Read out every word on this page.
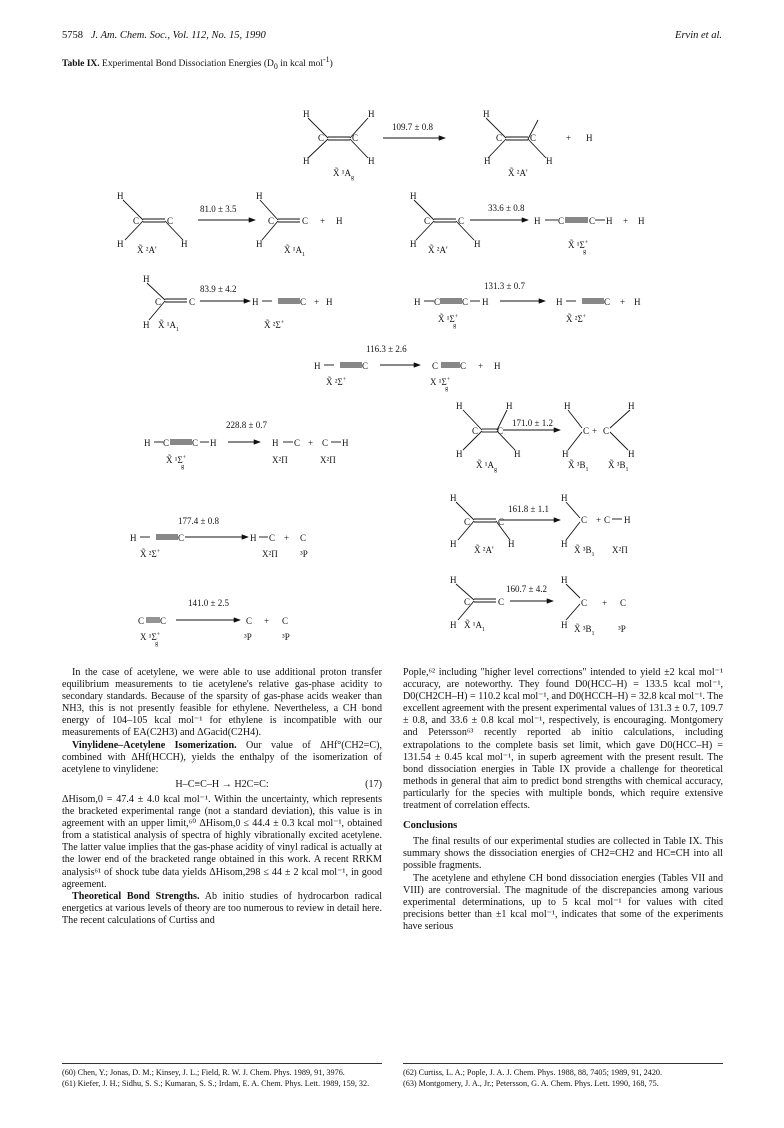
5758 J. Am. Chem. Soc., Vol. 112, No. 15, 1990	Ervin et al.
Table IX. Experimental Bond Dissociation Energies ($D_0$ in kcal mol$^{-1}$)
H	H
C	C
H	H
X̃ $^1A_g$
109.7 ± 0.8
H
C	C
H	H
+ H
X̃ ²A'
H
C	C
H	H
X̃ ²A'
81.0 ± 3.5
H
C	C + H
H
X̃ $^1A_1$
H
C	C
H	H
X̃ ²A'
33.6 ± 0.8
H	C
C	H + H
X̃ ¹Σ+ g
H
C	C
H X̃ $^1A_1$
83.9 ± 4.2
H	C + H
X̃ ²Σ+
H C C H
X̃ ¹Σ+ g
131.3 ± 0.7
H	C + H
X̃ ²Σ+
H	C
X̃ ²Σ+
116.3 ± 2.6
C C + H
X ¹Σ+ g
H C	C H
X̃ ¹Σ+ g
228.8 ± 0.7
H C + C H
X²Π	X²Π
H	H
C C
H	H
X̃ $^1A_g$
171.0 ± 1.2
H
C + C
H
H	H
X̃ $^3B_1$ X̃ $^3B_1$
H
C	C
H	H
X̃ ²A'
161.8 ± 1.1
H
C + C H
H
X̃ $^3B_1$ X²Π
H	C
X̃ ²Σ+
177.4 ± 0.8
H C + C
X²Π ³P
H
C	C
H X̃ $^1A_1$
160.7 ± 4.2
H
C + C
H X̃ $^3B_1$	³P
C C
X ¹Σ+ g
141.0 ± 2.5
C + C
³P	³P

In the case of acetylene, we were able to use additional proton transfer equilibrium measurements to tie acetylene's relative gas-phase acidity to secondary standards. Because of the sparsity of gas-phase acids weaker than NH3, this is not presently feasible for ethylene. Nevertheless, a CH bond energy of 104–105 kcal mol⁻¹ for ethylene is incompatible with our measurements of EA(C2H3) and ΔGacid(C2H4).

Vinylidene–Acetylene Isomerization. Our value of ΔHf°(CH2=C), combined with ΔHf(HCCH), yields the enthalpy of the isomerization of acetylene to vinylidene:

H–C≡C–H → H2C=C:	(17)

ΔHisom,0 = 47.4 ± 4.0 kcal mol⁻¹. Within the uncertainty, which represents the bracketed experimental range (not a standard deviation), this value is in agreement with an upper limit,⁶⁰ ΔHisom,0 ≤ 44.4 ± 0.3 kcal mol⁻¹, obtained from a statistical analysis of spectra of highly vibrationally excited acetylene. The latter value implies that the gas-phase acidity of vinyl radical is actually at the lower end of the bracketed range obtained in this work. A recent RRKM analysis⁶¹ of shock tube data yields ΔHisom,298 ≤ 44 ± 2 kcal mol⁻¹, in good agreement.

Theoretical Bond Strengths. Ab initio studies of hydrocarbon radical energetics at various levels of theory are too numerous to review in detail here. The recent calculations of Curtiss and

Pople,⁶² including "higher level corrections" intended to yield ±2 kcal mol⁻¹ accuracy, are noteworthy. They found D0(HCC–H) = 133.5 kcal mol⁻¹, D0(CH2CH–H) = 110.2 kcal mol⁻¹, and D0(HCCH–H) = 32.8 kcal mol⁻¹. The excellent agreement with the present experimental values of 131.3 ± 0.7, 109.7 ± 0.8, and 33.6 ± 0.8 kcal mol⁻¹, respectively, is encouraging. Montgomery and Petersson⁶³ recently reported ab initio calculations, including extrapolations to the complete basis set limit, which gave D0(HCC–H) = 131.54 ± 0.45 kcal mol⁻¹, in superb agreement with the present result. The bond dissociation energies in Table IX provide a challenge for theoretical methods in general that aim to predict bond strengths with chemical accuracy, particularly for the species with multiple bonds, which require extensive treatment of correlation effects.

Conclusions

The final results of our experimental studies are collected in Table IX. This summary shows the dissociation energies of CH2=CH2 and HC≡CH into all possible fragments.

The acetylene and ethylene CH bond dissociation energies (Tables VII and VIII) are controversial. The magnitude of the discrepancies among various experimental determinations, up to 5 kcal mol⁻¹ for values with cited precisions better than ±1 kcal mol⁻¹, indicates that some of the experiments have serious

(60) Chen, Y.; Jonas, D. M.; Kinsey, J. L.; Field, R. W. J. Chem. Phys. 1989, 91, 3976.

(61) Kiefer, J. H.; Sidhu, S. S.; Kumaran, S. S.; Irdam, E. A. Chem. Phys. Lett. 1989, 159, 32.

(62) Curtiss, L. A.; Pople, J. A. J. Chem. Phys. 1988, 88, 7405; 1989, 91, 2420.

(63) Montgomery, J. A., Jr.; Petersson, G. A. Chem. Phys. Lett. 1990, 168, 75.
